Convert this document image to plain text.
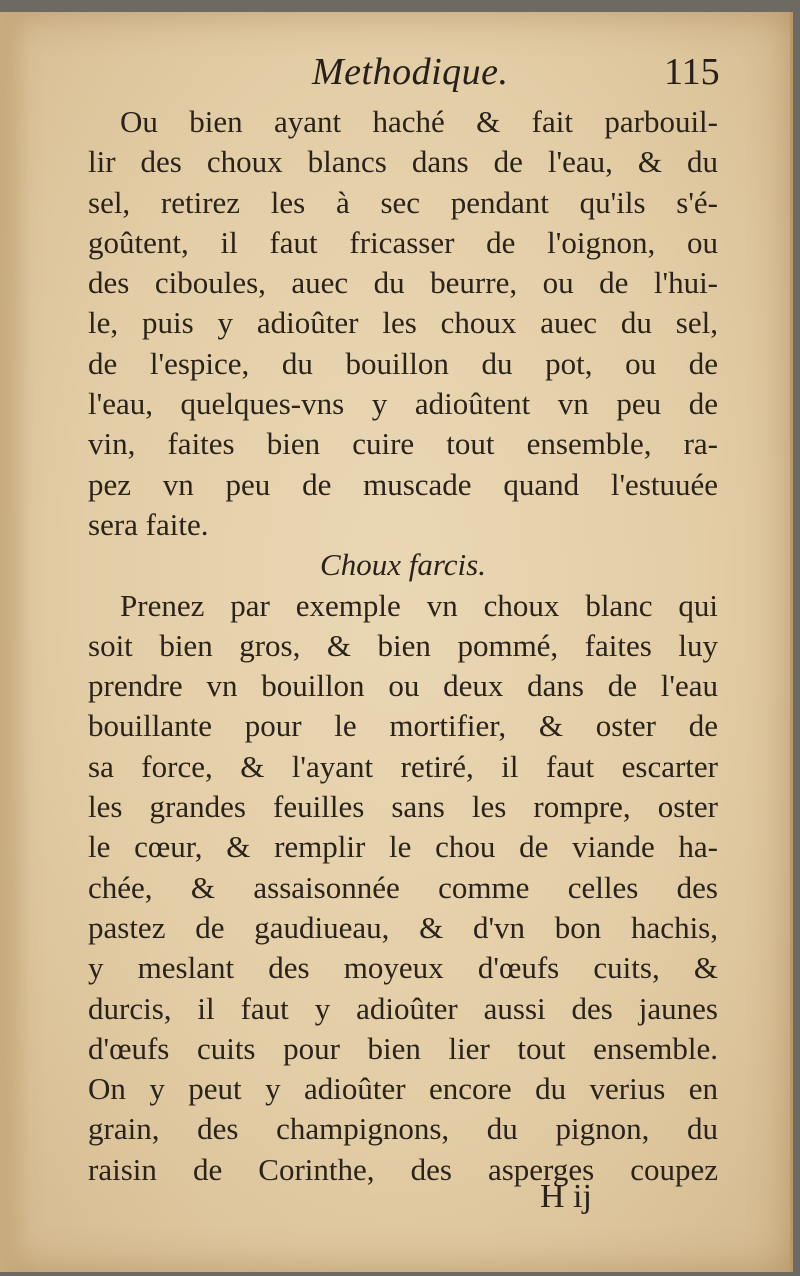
Methodique.	115
Ou bien ayant haché & fait parbouil-
lir des choux blancs dans de l'eau, & du
sel, retirez les à sec pendant qu'ils s'é-
goûtent, il faut fricasser de l'oignon, ou
des ciboules, auec du beurre, ou de l'hui-
le, puis y adioûter les choux auec du sel,
de l'espice, du bouillon du pot, ou de
l'eau, quelques-vns y adioûtent vn peu de
vin, faites bien cuire tout ensemble, ra-
pez vn peu de muscade quand l'estuuée
sera faite.
Choux farcis.
Prenez par exemple vn choux blanc qui
soit bien gros, & bien pommé, faites luy
prendre vn bouillon ou deux dans de l'eau
bouillante pour le mortifier, & oster de
sa force, & l'ayant retiré, il faut escarter
les grandes feuilles sans les rompre, oster
le cœur, & remplir le chou de viande ha-
chée, & assaisonnée comme celles des
pastez de gaudiueau, & d'vn bon hachis,
y meslant des moyeux d'œufs cuits, &
durcis, il faut y adioûter aussi des jaunes
d'œufs cuits pour bien lier tout ensemble.
On y peut y adioûter encore du verius en
grain, des champignons, du pignon, du
raisin de Corinthe, des asperges coupez
H ij
